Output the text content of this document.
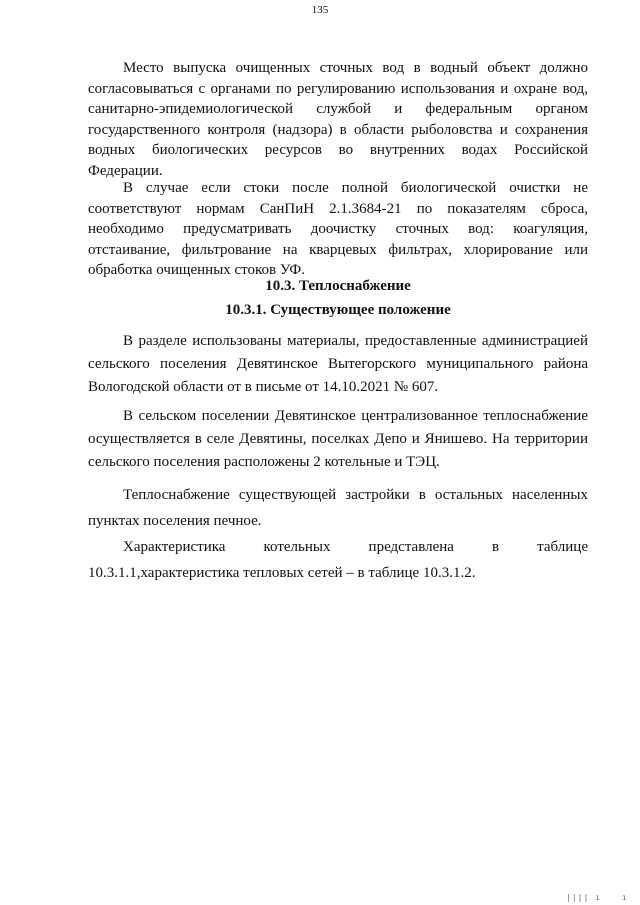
135

Место выпуска очищенных сточных вод в водный объект должно согласовываться с органами по регулированию использования и охране вод, санитарно-эпидемиологической службой и федеральным органом государственного контроля (надзора) в области рыболовства и сохранения водных биологических ресурсов во внутренних водах Российской Федерации.

В случае если стоки после полной биологической очистки не соответствуют нормам СанПиН 2.1.3684-21 по показателям сброса, необходимо предусматривать доочистку сточных вод: коагуляция, отстаивание, фильтрование на кварцевых фильтрах, хлорирование или обработка очищенных стоков УФ.

10.3. Теплоснабжение

10.3.1. Существующее положение

В разделе использованы материалы, предоставленные администрацией сельского поселения Девятинское Вытегорского муниципального района Вологодской области от в письме от 14.10.2021 № 607.

В сельском поселении Девятинское централизованное теплоснабжение осуществляется в селе Девятины, поселках Депо и Янишево. На территории сельского поселения расположены 2 котельные и ТЭЦ.

Теплоснабжение существующей застройки в остальных населенных пунктах поселения печное.

Характеристика котельных представлена в таблице 10.3.1.1,характеристика тепловых сетей – в таблице 10.3.1.2.

|||| ı	ı
